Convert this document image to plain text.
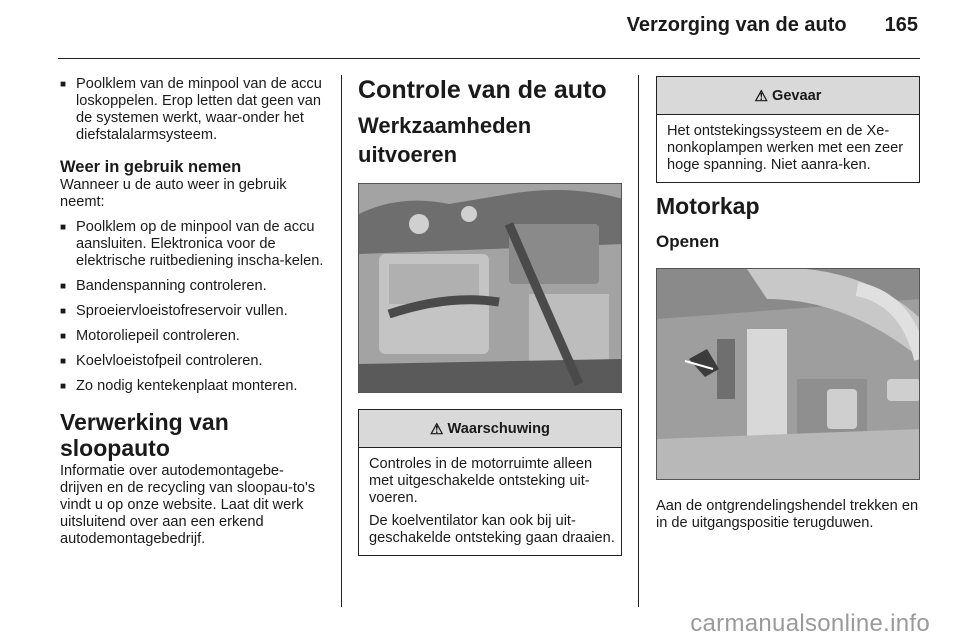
Verzorging van de auto 165
■ Poolklem van de minpool van de accu loskoppelen. Erop letten dat geen van de systemen werkt, waar-onder het diefstalalarmsysteem.
Weer in gebruik nemen

Wanneer u de auto weer in gebruik neemt:

■ Poolklem op de minpool van de accu aansluiten. Elektronica voor de elektrische ruitbediening inscha-kelen.
■ Bandenspanning controleren.
■ Sproeiervloeistofreservoir vullen.
■ Motoroliepeil controleren.
■ Koelvloeistofpeil controleren.
■ Zo nodig kentekenplaat monteren.
Verwerking van sloopauto

Informatie over autodemontagebe-drijven en de recycling van sloopau-to's vindt u op onze website. Laat dit werk uitsluitend over aan een erkend autodemontagebedrijf.

Controle van de auto
Werkzaamheden uitvoeren
⚠ Waarschuwing

Controles in de motorruimte alleen met uitgeschakelde ontsteking uit-voeren.

De koelventilator kan ook bij uit-geschakelde ontsteking gaan draaien.

⚠ Gevaar

Het ontstekingssysteem en de Xe-nonkoplampen werken met een zeer hoge spanning. Niet aanra-ken.

Motorkap
Openen

Aan de ontgrendelingshendel trekken en in de uitgangspositie terugduwen.

carmanualsonline.info
